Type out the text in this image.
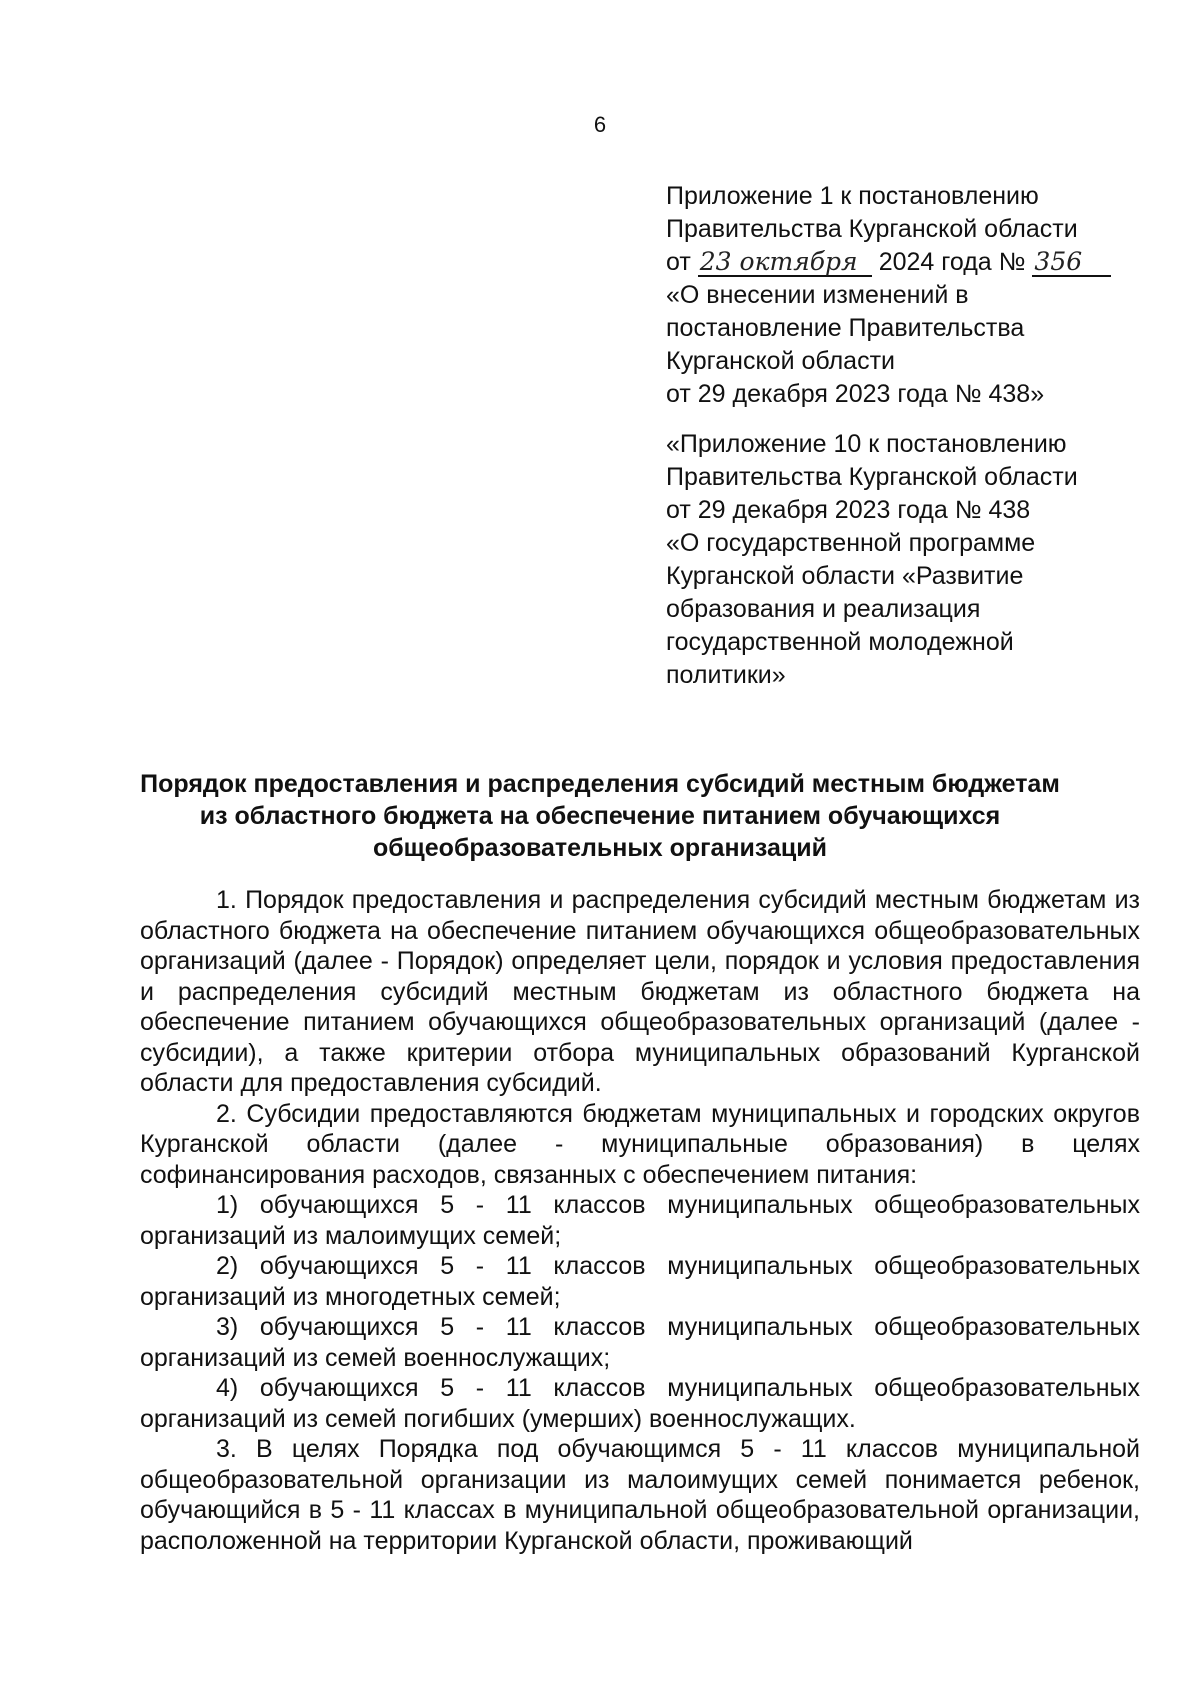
6
Приложение 1 к постановлению
Правительства Курганской области
от 23 октября 2024 года № 356
«О внесении изменений в
постановление Правительства
Курганской области
от 29 декабря 2023 года № 438»
«Приложение 10 к постановлению
Правительства Курганской области
от 29 декабря 2023 года № 438
«О государственной программе
Курганской области «Развитие
образования и реализация
государственной молодежной
политики»
Порядок предоставления и распределения субсидий местным бюджетам
из областного бюджета на обеспечение питанием обучающихся
общеобразовательных организаций

1. Порядок предоставления и распределения субсидий местным бюджетам из областного бюджета на обеспечение питанием обучающихся общеобразовательных организаций (далее - Порядок) определяет цели, порядок и условия предоставления и распределения субсидий местным бюджетам из областного бюджета на обеспечение питанием обучающихся общеобразовательных организаций (далее - субсидии), а также критерии отбора муниципальных образований Курганской области для предоставления субсидий.

2. Субсидии предоставляются бюджетам муниципальных и городских округов Курганской области (далее - муниципальные образования) в целях софинансирования расходов, связанных с обеспечением питания:

1) обучающихся 5 - 11 классов муниципальных общеобразовательных организаций из малоимущих семей;

2) обучающихся 5 - 11 классов муниципальных общеобразовательных организаций из многодетных семей;

3) обучающихся 5 - 11 классов муниципальных общеобразовательных организаций из семей военнослужащих;

4) обучающихся 5 - 11 классов муниципальных общеобразовательных организаций из семей погибших (умерших) военнослужащих.

3. В целях Порядка под обучающимся 5 - 11 классов муниципальной общеобразовательной организации из малоимущих семей понимается ребенок, обучающийся в 5 - 11 классах в муниципальной общеобразовательной организации, расположенной на территории Курганской области, проживающий
